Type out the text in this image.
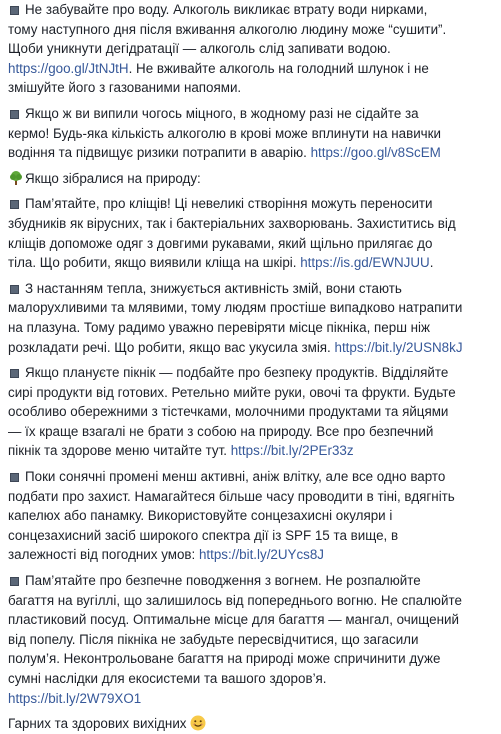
Не забувайте про воду. Алкоголь викликає втрату води нирками,
тому наступного дня після вживання алкоголю людину може “сушити”.
Щоби уникнути дегідратації — алкоголь слід запивати водою.
https://goo.gl/JtNJtH. Не вживайте алкоголь на голодний шлунок і не
змішуйте його з газованими напоями.
Якщо ж ви випили чогось міцного, в жодному разі не сідайте за
кермо! Будь-яка кількість алкоголю в крові може вплинути на навички
водіння та підвищує ризики потрапити в аварію. https://goo.gl/v8ScEM
Якщо зібралися на природу:
Пам’ятайте, про кліщів! Ці невеликі створіння можуть переносити
збудників як вірусних, так і бактеріальних захворювань. Захиститись від
кліщів допоможе одяг з довгими рукавами, який щільно прилягає до
тіла. Що робити, якщо виявили кліща на шкірі. https://is.gd/EWNJUU.
З настанням тепла, знижується активність змій, вони стають
малорухливими та млявими, тому людям простіше випадково натрапити
на плазуна. Тому радимо уважно перевіряти місце пікніка, перш ніж
розкладати речі. Що робити, якщо вас укусила змія. https://bit.ly/2USN8kJ
Якщо плануєте пікнік — подбайте про безпеку продуктів. Відділяйте
сирі продукти від готових. Ретельно мийте руки, овочі та фрукти. Будьте
особливо обережними з тістечками, молочними продуктами та яйцями
— їх краще взагалі не брати з собою на природу. Все про безпечний
пікнік та здорове меню читайте тут. https://bit.ly/2PEr33z
Поки сонячні промені менш активні, аніж влітку, але все одно варто
подбати про захист. Намагайтеся більше часу проводити в тіні, вдягніть
капелюх або панамку. Використовуйте сонцезахисні окуляри і
сонцезахисний засіб широкого спектра дії із SPF 15 та вище, в
залежності від погодних умов: https://bit.ly/2UYcs8J
Пам’ятайте про безпечне поводження з вогнем. Не розпалюйте
багаття на вугіллі, що залишилось від попереднього вогню. Не спалюйте
пластиковий посуд. Оптимальне місце для багаття — мангал, очищений
від попелу. Після пікніка не забудьте пересвідчитися, що загасили
полум’я. Неконтрольоване багаття на природі може спричинити дуже
сумні наслідки для екосистеми та вашого здоров’я.
https://bit.ly/2W79XO1
Гарних та здорових вихідних
